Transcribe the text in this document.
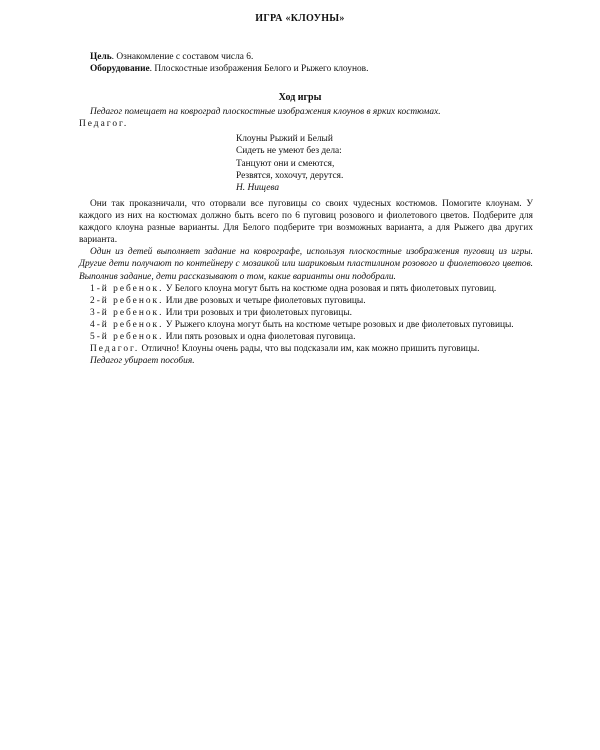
ИГРА «КЛОУНЫ»
Цель. Ознакомление с составом числа 6.
Оборудование. Плоскостные изображения Белого и Рыжего клоунов.
Ход игры
Педагог помещает на ковроград плоскостные изображения клоунов в ярких костюмах.
Педагог.
Клоуны Рыжий и Белый
Сидеть не умеют без дела:
Танцуют они и смеются,
Резвятся, хохочут, дерутся.
Н. Нищева

Они так проказничали, что оторвали все пуговицы со своих чудесных костюмов. Помогите клоунам. У каждого из них на костюмах должно быть всего по 6 пуговиц розового и фиолетового цветов. Подберите для каждого клоуна разные варианты. Для Белого подберите три возможных варианта, а для Рыжего два других варианта.

Один из детей выполняет задание на коврографе, используя плоскостные изображения пуговиц из игры. Другие дети получают по контейнеру с мозаикой или шариковым пластилином розового и фиолетового цветов. Выполнив задание, дети рассказывают о том, какие варианты они подобрали.

1-й ребенок. У Белого клоуна могут быть на костюме одна розовая и пять фиолетовых пуговиц.

2-й ребенок. Или две розовых и четыре фиолетовых пуговицы.

3-й ребенок. Или три розовых и три фиолетовых пуговицы.

4-й ребенок. У Рыжего клоуна могут быть на костюме четыре розовых и две фиолетовых пуговицы.

5-й ребенок. Или пять розовых и одна фиолетовая пуговица.

Педагог. Отлично! Клоуны очень рады, что вы подсказали им, как можно пришить пуговицы.

Педагог убирает пособия.
